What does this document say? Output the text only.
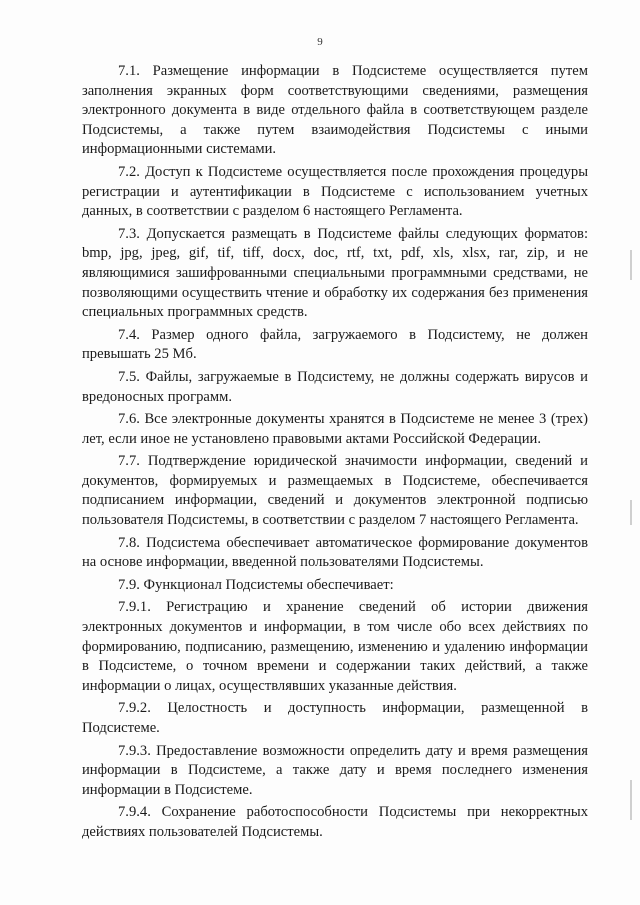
9

7.1. Размещение информации в Подсистеме осуществляется путем заполнения экранных форм соответствующими сведениями, размещения электронного документа в виде отдельного файла в соответствующем разделе Подсистемы, а также путем взаимодействия Подсистемы с иными информационными системами.

7.2. Доступ к Подсистеме осуществляется после прохождения процедуры регистрации и аутентификации в Подсистеме с использованием учетных данных, в соответствии с разделом 6 настоящего Регламента.

7.3. Допускается размещать в Подсистеме файлы следующих форматов: bmp, jpg, jpeg, gif, tif, tiff, docx, doc, rtf, txt, pdf, xls, xlsx, rar, zip, и не являющимися зашифрованными специальными программными средствами, не позволяющими осуществить чтение и обработку их содержания без применения специальных программных средств.

7.4. Размер одного файла, загружаемого в Подсистему, не должен превышать 25 Мб.

7.5. Файлы, загружаемые в Подсистему, не должны содержать вирусов и вредоносных программ.

7.6. Все электронные документы хранятся в Подсистеме не менее 3 (трех) лет, если иное не установлено правовыми актами Российской Федерации.

7.7. Подтверждение юридической значимости информации, сведений и документов, формируемых и размещаемых в Подсистеме, обеспечивается подписанием информации, сведений и документов электронной подписью пользователя Подсистемы, в соответствии с разделом 7 настоящего Регламента.

7.8. Подсистема обеспечивает автоматическое формирование документов на основе информации, введенной пользователями Подсистемы.

7.9. Функционал Подсистемы обеспечивает:

7.9.1. Регистрацию и хранение сведений об истории движения электронных документов и информации, в том числе обо всех действиях по формированию, подписанию, размещению, изменению и удалению информации в Подсистеме, о точном времени и содержании таких действий, а также информации о лицах, осуществлявших указанные действия.

7.9.2. Целостность и доступность информации, размещенной в Подсистеме.

7.9.3. Предоставление возможности определить дату и время размещения информации в Подсистеме, а также дату и время последнего изменения информации в Подсистеме.

7.9.4. Сохранение работоспособности Подсистемы при некорректных действиях пользователей Подсистемы.
